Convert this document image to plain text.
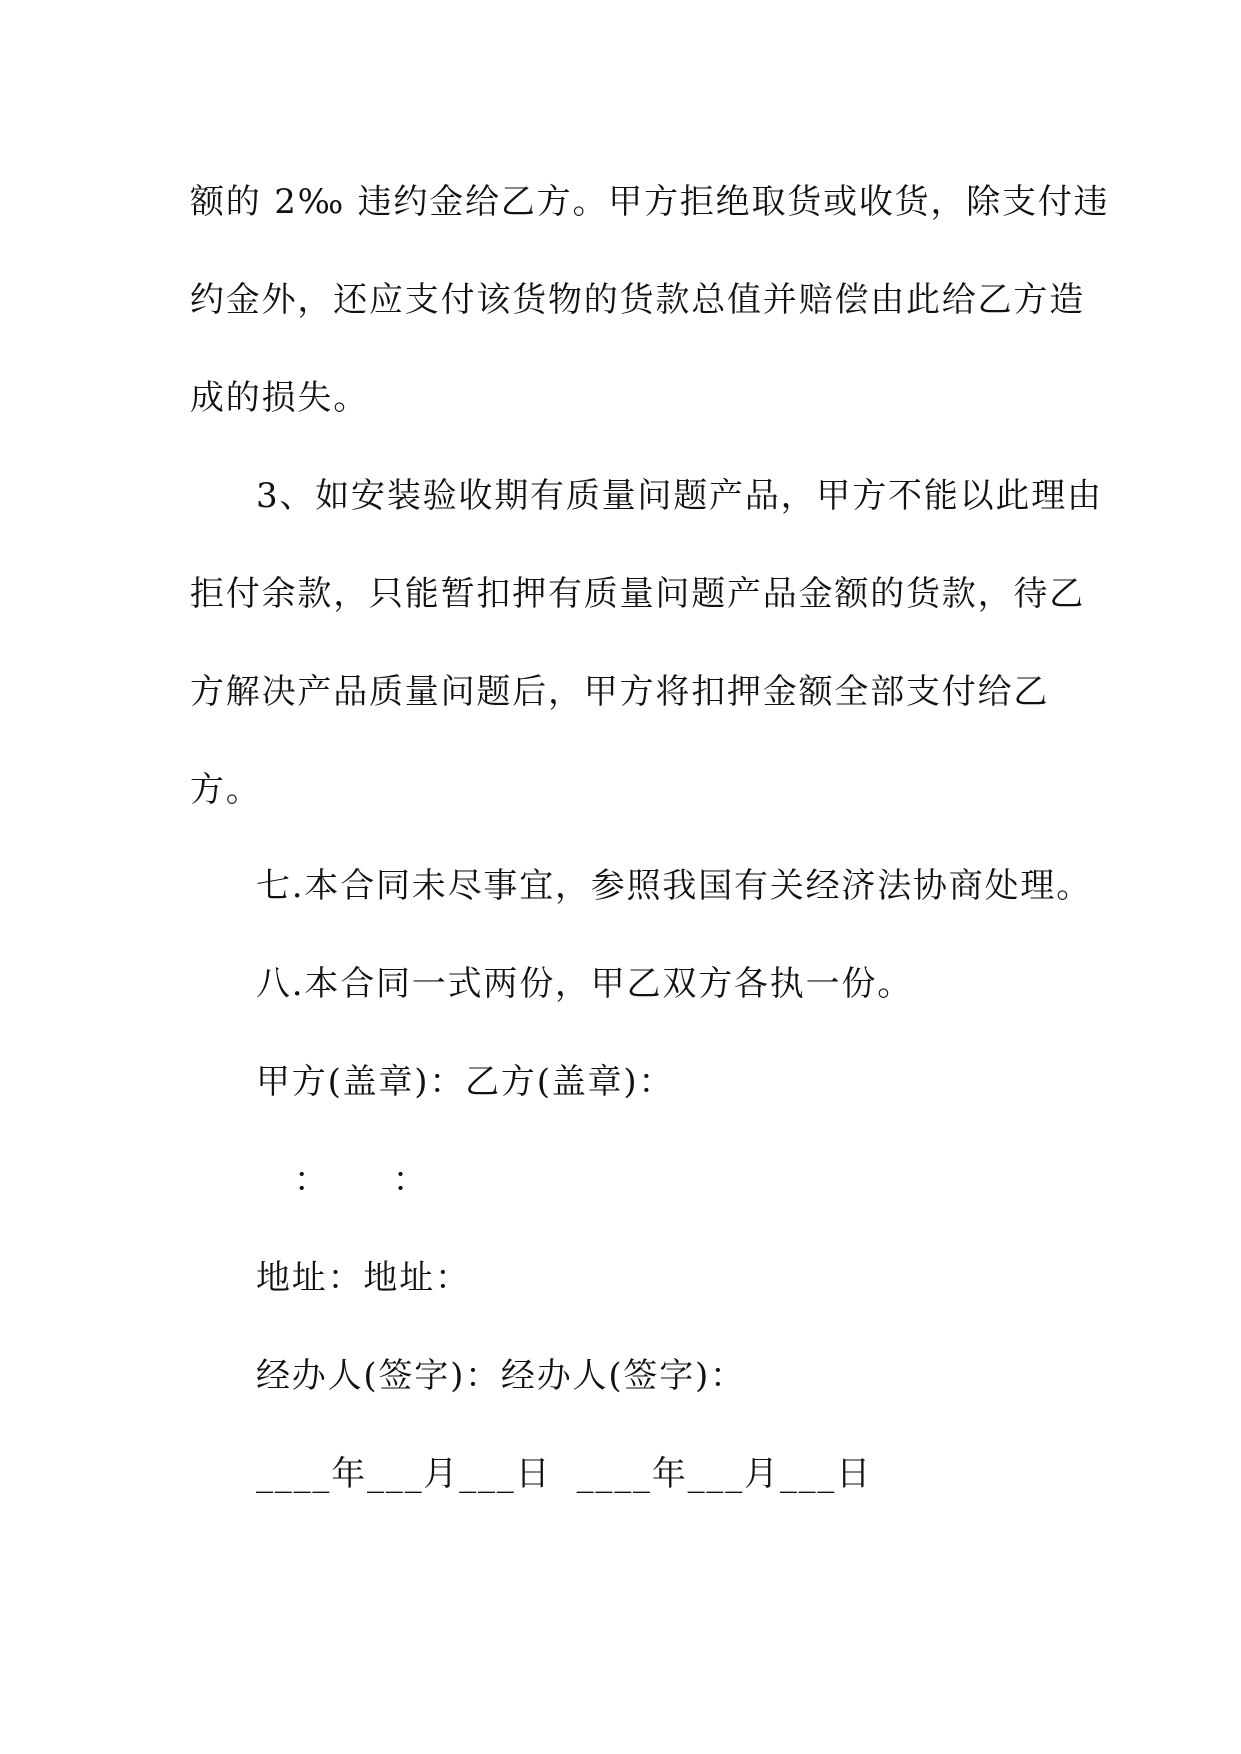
额的 2‰ 违约金给乙方。甲方拒绝取货或收货，除支付违

约金外，还应支付该货物的货款总值并赔偿由此给乙方造

成的损失。

3、如安装验收期有质量问题产品，甲方不能以此理由

拒付余款，只能暂扣押有质量问题产品金额的货款，待乙

方解决产品质量问题后，甲方将扣押金额全部支付给乙

方。

七.本合同未尽事宜，参照我国有关经济法协商处理。

八.本合同一式两份，甲乙双方各执一份。

甲方(盖章)：乙方(盖章)：

：     ：

地址：地址：

经办人(签字)：经办人(签字)：

____年___月___日  ____年___月___日
